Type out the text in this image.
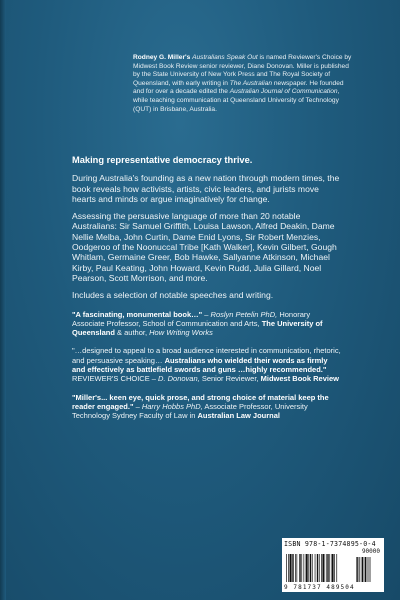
Rodney G. Miller's Australians Speak Out is named Reviewer's Choice by Midwest Book Review senior reviewer, Diane Donovan. Miller is published by the State University of New York Press and The Royal Society of Queensland, with early writing in The Australian newspaper. He founded and for over a decade edited the Australian Journal of Communication, while teaching communication at Queensland University of Technology (QUT) in Brisbane, Australia.

Making representative democracy thrive.

During Australia's founding as a new nation through modern times, the book reveals how activists, artists, civic leaders, and jurists move hearts and minds or argue imaginatively for change.

Assessing the persuasive language of more than 20 notable Australians: Sir Samuel Griffith, Louisa Lawson, Alfred Deakin, Dame Nellie Melba, John Curtin, Dame Enid Lyons, Sir Robert Menzies, Oodgeroo of the Noonuccal Tribe [Kath Walker], Kevin Gilbert, Gough Whitlam, Germaine Greer, Bob Hawke, Sallyanne Atkinson, Michael Kirby, Paul Keating, John Howard, Kevin Rudd, Julia Gillard, Noel Pearson, Scott Morrison, and more.

Includes a selection of notable speeches and writing.

"A fascinating, monumental book…" – Roslyn Petelin PhD, Honorary Associate Professor, School of Communication and Arts, The University of Queensland & author, How Writing Works

"…designed to appeal to a broad audience interested in communication, rhetoric, and persuasive speaking… Australians who wielded their words as firmly and effectively as battlefield swords and guns …highly recommended." REVIEWER'S CHOICE – D. Donovan, Senior Reviewer, Midwest Book Review

"Miller's... keen eye, quick prose, and strong choice of material keep the reader engaged." – Harry Hobbs PhD, Associate Professor, University Technology Sydney Faculty of Law in Australian Law Journal

ISBN 978-1-7374895-0-4
90000
9 781737 489504
